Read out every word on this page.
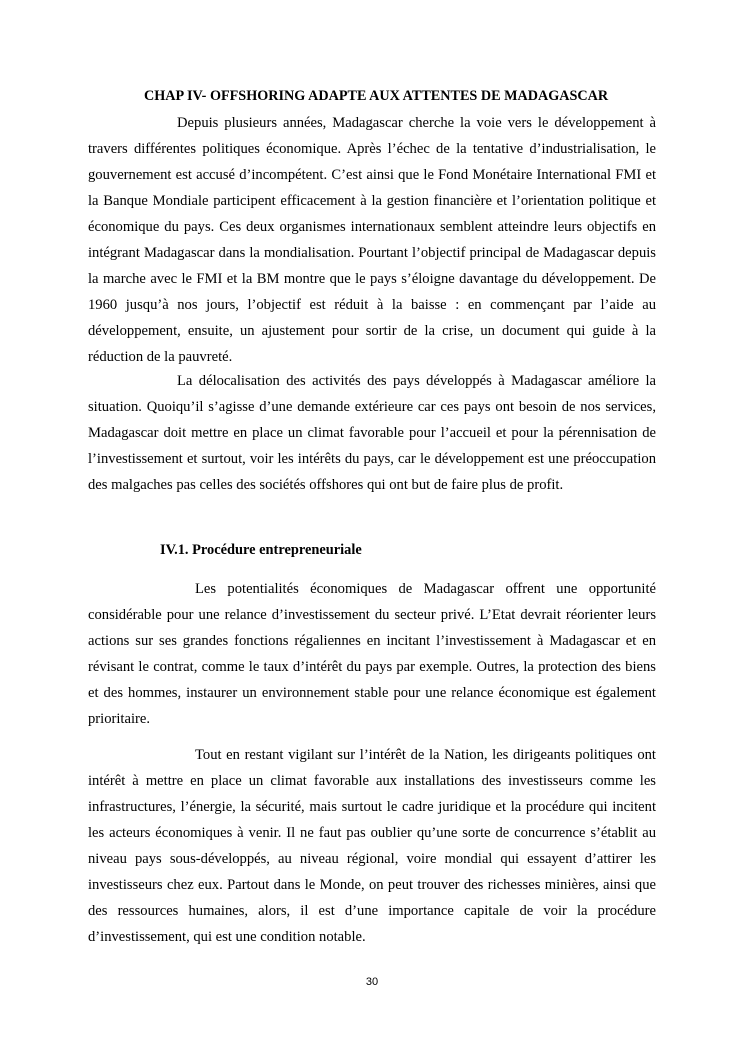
CHAP IV- OFFSHORING ADAPTE AUX ATTENTES DE MADAGASCAR

Depuis plusieurs années, Madagascar cherche la voie vers le développement à travers différentes politiques économique. Après l’échec de la tentative d’industrialisation, le gouvernement est accusé d’incompétent. C’est ainsi que le Fond Monétaire International FMI et la Banque Mondiale participent efficacement à la gestion financière et l’orientation politique et économique du pays. Ces deux organismes internationaux semblent atteindre leurs objectifs en intégrant Madagascar dans la mondialisation. Pourtant l’objectif principal de Madagascar depuis la marche avec le FMI et la BM montre que le pays s’éloigne davantage du développement. De 1960 jusqu’à nos jours, l’objectif est réduit à la baisse : en commençant par l’aide au développement, ensuite, un ajustement pour sortir de la crise, un document qui guide à la réduction de la pauvreté.

La délocalisation des activités des pays développés à Madagascar améliore la situation. Quoiqu’il s’agisse d’une demande extérieure car ces pays ont besoin de nos services, Madagascar doit mettre en place un climat favorable pour l’accueil et pour la pérennisation de l’investissement et surtout, voir les intérêts du pays, car le développement est une préoccupation des malgaches pas celles des sociétés offshores qui ont but de faire plus de profit.

IV.1. Procédure entrepreneuriale

Les potentialités économiques de Madagascar offrent une opportunité considérable pour une relance d’investissement du secteur privé. L’Etat devrait réorienter leurs actions sur ses grandes fonctions régaliennes en incitant l’investissement à Madagascar et en révisant le contrat, comme le taux d’intérêt du pays par exemple. Outres, la protection des biens et des hommes, instaurer un environnement stable pour une relance économique est également prioritaire.

Tout en restant vigilant sur l’intérêt de la Nation, les dirigeants politiques ont intérêt à mettre en place un climat favorable aux installations des investisseurs comme les infrastructures, l’énergie, la sécurité, mais surtout le cadre juridique et la procédure qui incitent les acteurs économiques à venir. Il ne faut pas oublier qu’une sorte de concurrence s’établit au niveau pays sous-développés, au niveau régional, voire mondial qui essayent d’attirer les investisseurs chez eux. Partout dans le Monde, on peut trouver des richesses minières, ainsi que des ressources humaines, alors, il est d’une importance capitale de voir la procédure d’investissement, qui est une condition notable.

30
